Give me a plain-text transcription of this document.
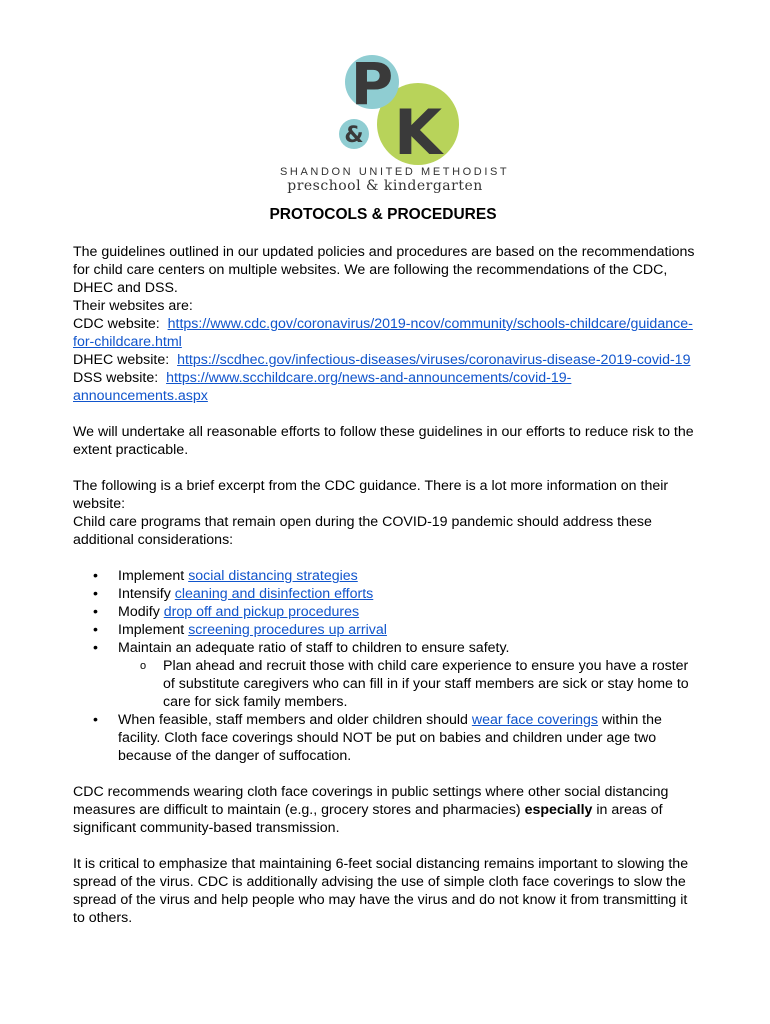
P
K
&
SHANDON UNITED METHODIST
preschool & kindergarten
PROTOCOLS & PROCEDURES

The guidelines outlined in our updated policies and procedures are based on the recommendations for child care centers on multiple websites. We are following the recommendations of the CDC, DHEC and DSS.
Their websites are:
CDC website: https://www.cdc.gov/coronavirus/2019-ncov/community/schools-childcare/guidance-for-childcare.html
DHEC website: https://scdhec.gov/infectious-diseases/viruses/coronavirus-disease-2019-covid-19
DSS website: https://www.scchildcare.org/news-and-announcements/covid-19-announcements.aspx

We will undertake all reasonable efforts to follow these guidelines in our efforts to reduce risk to the extent practicable.

The following is a brief excerpt from the CDC guidance. There is a lot more information on their website:
Child care programs that remain open during the COVID-19 pandemic should address these additional considerations:

• Implement social distancing strategies
• Intensify cleaning and disinfection efforts
• Modify drop off and pickup procedures
• Implement screening procedures up arrival
• Maintain an adequate ratio of staff to children to ensure safety.
o Plan ahead and recruit those with child care experience to ensure you have a roster of substitute caregivers who can fill in if your staff members are sick or stay home to care for sick family members.
• When feasible, staff members and older children should wear face coverings within the facility. Cloth face coverings should NOT be put on babies and children under age two because of the danger of suffocation.

CDC recommends wearing cloth face coverings in public settings where other social distancing measures are difficult to maintain (e.g., grocery stores and pharmacies) especially in areas of significant community-based transmission.

It is critical to emphasize that maintaining 6-feet social distancing remains important to slowing the spread of the virus. CDC is additionally advising the use of simple cloth face coverings to slow the spread of the virus and help people who may have the virus and do not know it from transmitting it to others.
